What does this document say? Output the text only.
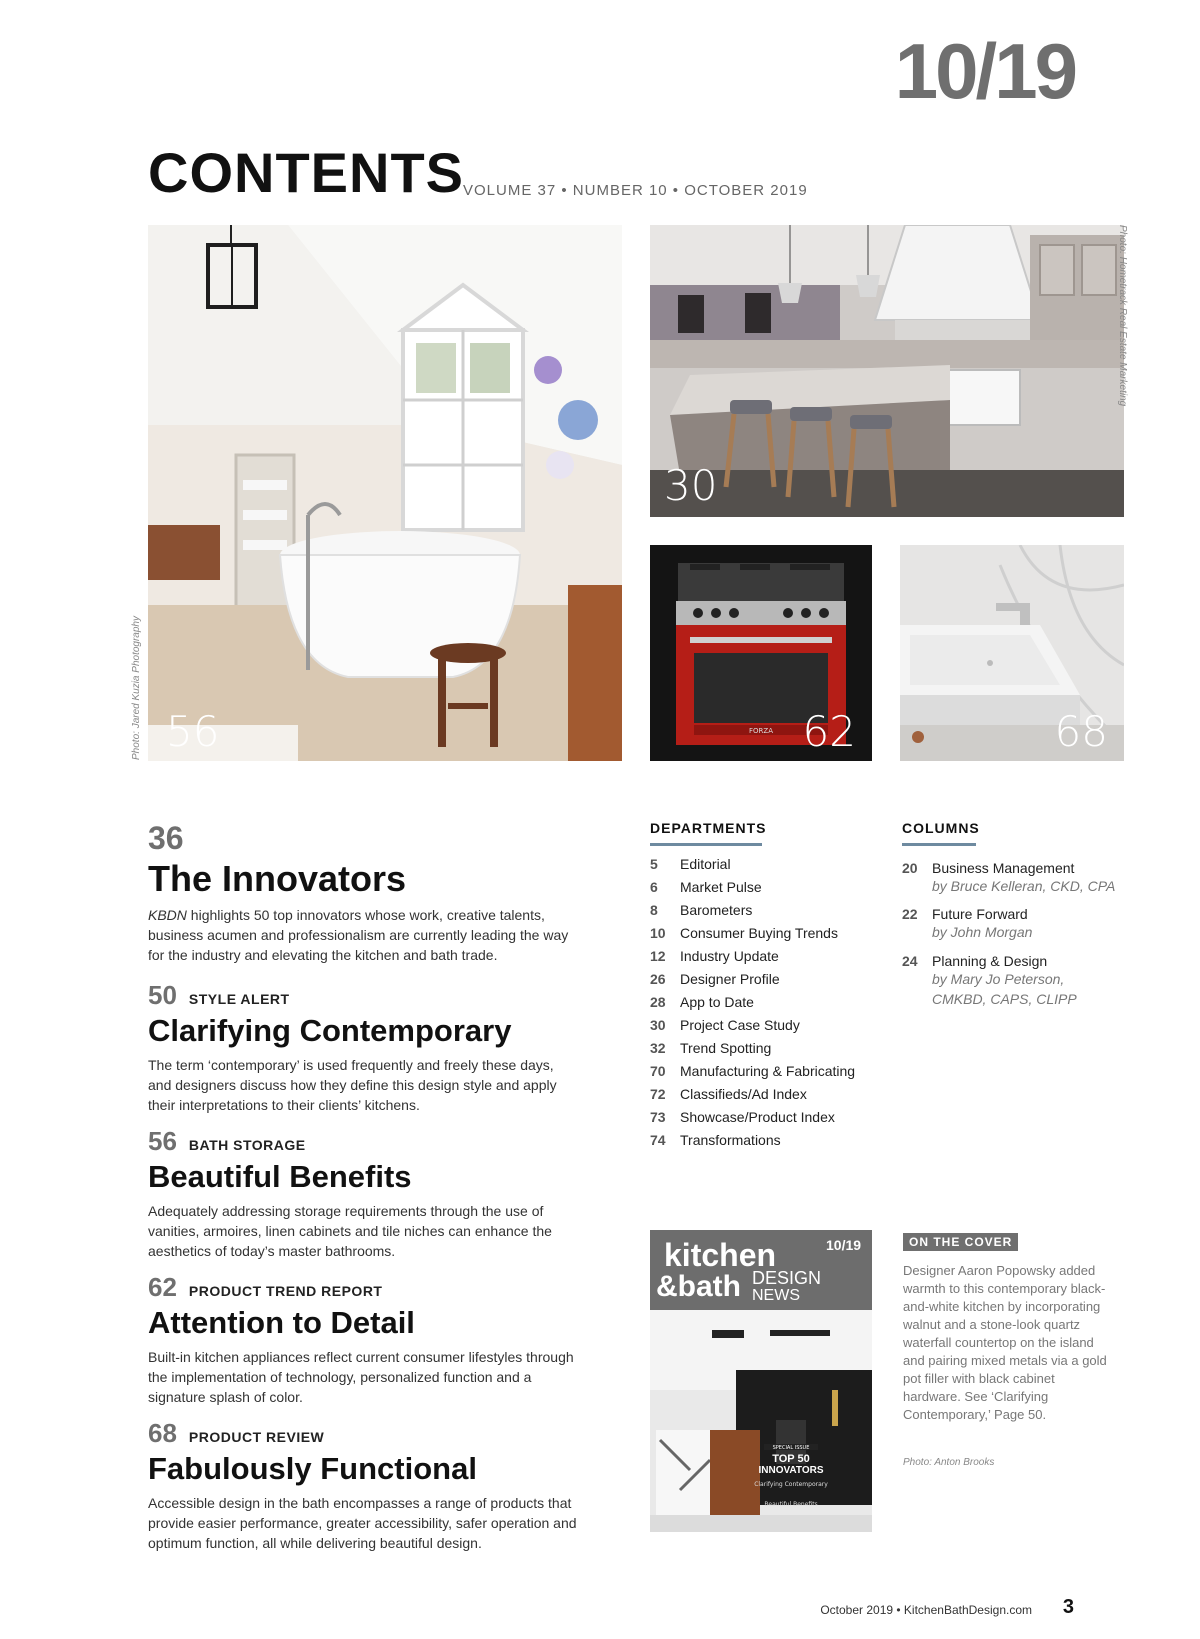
10/19
CONTENTS VOLUME 37 • NUMBER 10 • OCTOBER 2019
56
Photo: Jared Kuzia Photography
30
Photo: Hometrack Real Estate Marketing
FORZA 62	68
36
The Innovators
KBDN highlights 50 top innovators whose work, creative talents, business acumen and professionalism are currently leading the way for the industry and elevating the kitchen and bath trade.
50 STYLE ALERT
Clarifying Contemporary
The term ‘contemporary’ is used frequently and freely these days, and designers discuss how they define this design style and apply their interpretations to their clients’ kitchens.
56 BATH STORAGE
Beautiful Benefits
Adequately addressing storage requirements through the use of vanities, armoires, linen cabinets and tile niches can enhance the aesthetics of today’s master bathrooms.
62 PRODUCT TREND REPORT
Attention to Detail
Built-in kitchen appliances reflect current consumer lifestyles through the implementation of technology, personalized function and a signature splash of color.
68 PRODUCT REVIEW
Fabulously Functional
Accessible design in the bath encompasses a range of products that provide easier performance, greater accessibility, safer operation and optimum function, all while delivering beautiful design.
DEPARTMENTS
5 Editorial
6 Market Pulse
8 Barometers
10 Consumer Buying Trends
12 Industry Update
26 Designer Profile
28 App to Date
30 Project Case Study
32 Trend Spotting
70 Manufacturing & Fabricating
72 Classifieds/Ad Index
73 Showcase/Product Index
74 Transformations
COLUMNS
20 Business Management
by Bruce Kelleran, CKD, CPA
22 Future Forward
by John Morgan
24 Planning & Design
by Mary Jo Peterson, CMKBD, CAPS, CLIPP
kitchen
&bath DESIGN
NEWS
10/19
SPECIAL ISSUE
TOP 50
INNOVATORS
Clarifying Contemporary
Beautiful Benefits
ON THE COVER
Designer Aaron Popowsky added warmth to this contemporary black-and-white kitchen by incorporating walnut and a stone-look quartz waterfall countertop on the island and pairing mixed metals via a gold pot filler with black cabinet hardware. See ‘Clarifying Contemporary,’ Page 50.
Photo: Anton Brooks
October 2019 • KitchenBathDesign.com 3
